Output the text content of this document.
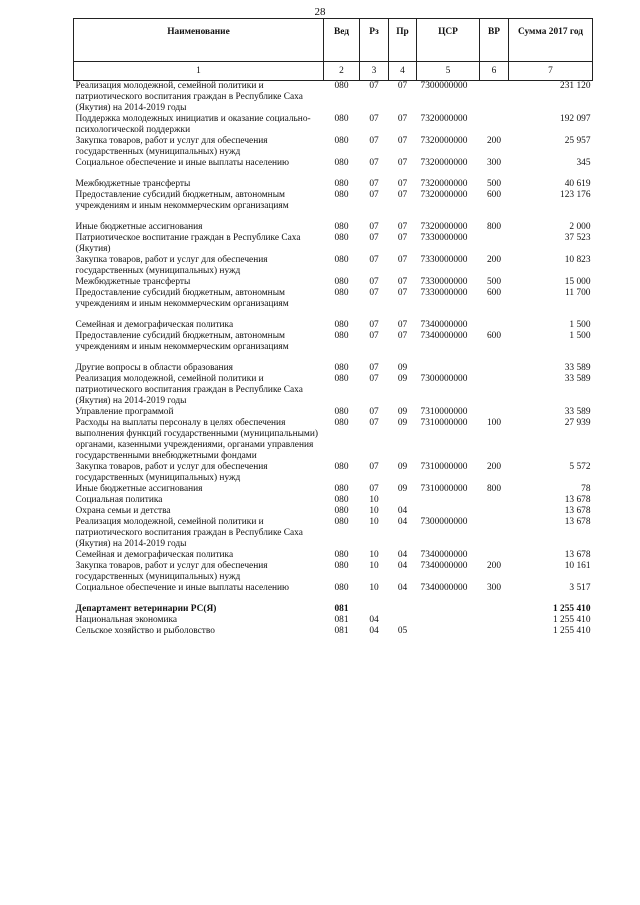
28
Наименование	Вед	Рз	Пр	ЦСР	ВР	Сумма 2017 год
1	2	3	4	5	6	7
Реализация молодежной, семейной политики и патриотического воспитания граждан в Республике Саха (Якутия) на 2014-2019 годы	080	07	07	7300000000		231 120
Поддержка молодежных инициатив и оказание социально-психологической поддержки	080	07	07	7320000000		192 097
Закупка товаров, работ и услуг для обеспечения государственных (муниципальных) нужд	080	07	07	7320000000	200	25 957
Социальное обеспечение и иные выплаты населению	080	07	07	7320000000	300	345

Межбюджетные трансферты	080	07	07	7320000000	500	40 619
Предоставление субсидий бюджетным, автономным учреждениям и иным некоммерческим организациям	080	07	07	7320000000	600	123 176

Иные бюджетные ассигнования	080	07	07	7320000000	800	2 000
Патриотическое воспитание граждан в Республике Саха (Якутия)	080	07	07	7330000000		37 523
Закупка товаров, работ и услуг для обеспечения государственных (муниципальных) нужд	080	07	07	7330000000	200	10 823
Межбюджетные трансферты	080	07	07	7330000000	500	15 000
Предоставление субсидий бюджетным, автономным учреждениям и иным некоммерческим организациям	080	07	07	7330000000	600	11 700

Семейная и демографическая политика	080	07	07	7340000000		1 500
Предоставление субсидий бюджетным, автономным учреждениям и иным некоммерческим организациям	080	07	07	7340000000	600	1 500

Другие вопросы в области образования	080	07	09			33 589
Реализация молодежной, семейной политики и патриотического воспитания граждан в Республике Саха (Якутия) на 2014-2019 годы	080	07	09	7300000000		33 589
Управление программой	080	07	09	7310000000		33 589
Расходы на выплаты персоналу в целях обеспечения выполнения функций государственными (муниципальными) органами, казенными учреждениями, органами управления государственными внебюджетными фондами	080	07	09	7310000000	100	27 939
Закупка товаров, работ и услуг для обеспечения государственных (муниципальных) нужд	080	07	09	7310000000	200	5 572
Иные бюджетные ассигнования	080	07	09	7310000000	800	78
Социальная политика	080	10				13 678
Охрана семьи и детства	080	10	04			13 678
Реализация молодежной, семейной политики и патриотического воспитания граждан в Республике Саха (Якутия) на 2014-2019 годы	080	10	04	7300000000		13 678
Семейная и демографическая политика	080	10	04	7340000000		13 678
Закупка товаров, работ и услуг для обеспечения государственных (муниципальных) нужд	080	10	04	7340000000	200	10 161
Социальное обеспечение и иные выплаты населению	080	10	04	7340000000	300	3 517

Департамент ветеринарии РС(Я)	081					1 255 410
Национальная экономика	081	04				1 255 410
Сельское хозяйство и рыболовство	081	04	05			1 255 410
